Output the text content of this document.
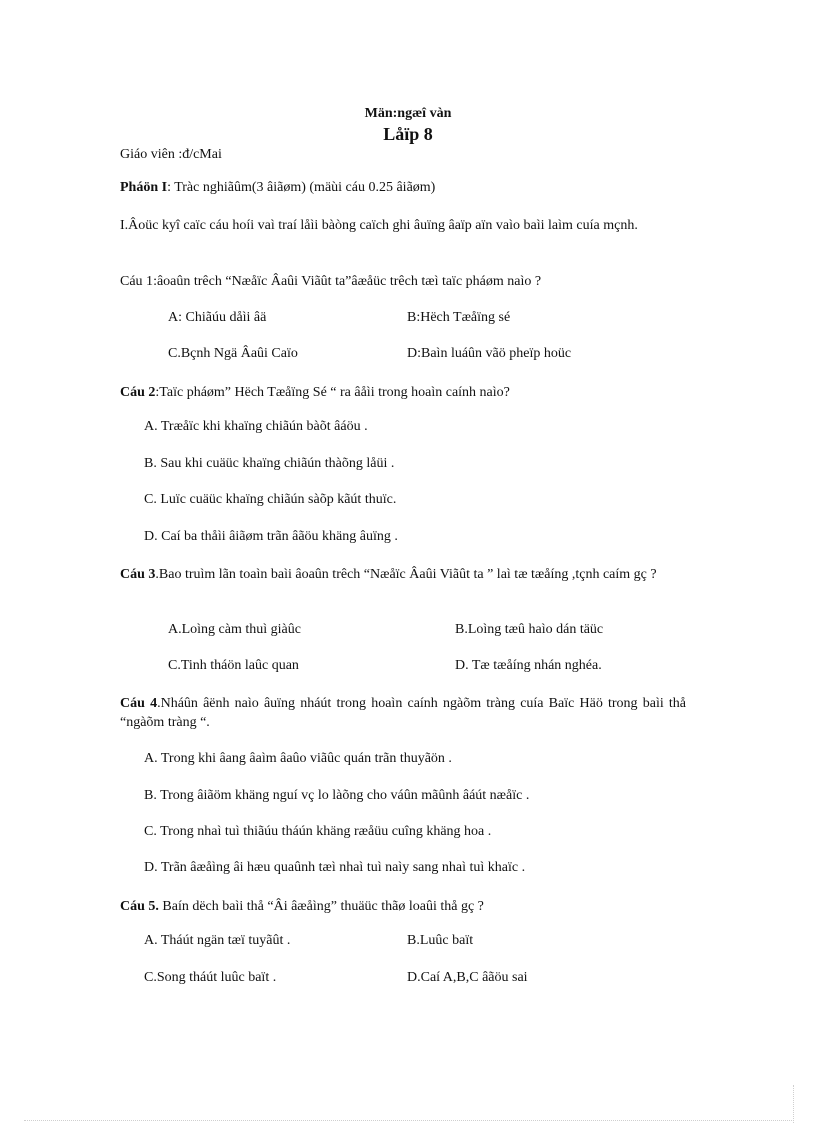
Män:ngæî vàn
Låïp 8
Giáo viên :đ/cMai
Pháön I: Tràc nghiãûm(3 âiãøm) (mäùi cáu 0.25 âiãøm)
I.Âoüc kyî caïc cáu hoíi vaì traí låìi bàòng caïch ghi âuïng âaïp aïn vaìo baìi laìm cuía mçnh.
Cáu 1:âoaûn trêch “Næåïc Âaûi Viãût ta”âæåüc trêch tæì taïc pháøm naìo ?
A: Chiãúu dåìi âä	B:Hëch Tæåïng sé
C.Bçnh Ngä Âaûi Caïo	D:Baìn luáûn vãö pheïp hoüc
Cáu 2:Taïc pháøm” Hëch Tæåïng Sé “ ra âåìi trong hoaìn caính naìo?
A. Træåïc khi khaïng chiãún bàõt âáöu .
B. Sau khi cuäüc khaïng chiãún thàõng låüi .
C. Luïc cuäüc khaïng chiãún sàõp kãút thuïc.
D. Caí ba thåìi âiãøm trãn âãöu khäng âuïng .
Cáu 3.Bao truìm lãn toaìn baìi âoaûn trêch “Næåïc Âaûi Viãût ta ” laì tæ tæåíng ,tçnh caím gç ?
A.Loìng càm thuì giàûc	B.Loìng tæû haìo dán täüc
C.Tinh tháön laûc quan	D. Tæ tæåíng nhán nghéa.
Cáu 4.Nháûn âënh naìo âuïng nháút trong hoaìn caính ngàõm tràng cuía Baïc Häö trong baìi thå “ngàõm tràng “.
A. Trong khi âang âaìm âaûo viãûc quán trãn thuyãön .
B. Trong âiãöm khäng nguí vç lo làõng cho váûn mãûnh âáút næåïc .
C. Trong nhaì tuì thiãúu tháún khäng ræåüu cuîng khäng hoa .
D. Trãn âæåìng âi hæu quaûnh tæì nhaì tuì naìy sang nhaì tuì khaïc .
Cáu 5. Baín dëch baìi thå “Âi âæåìng” thuäüc thãø loaûi thå gç ?
A. Tháút ngän tæï tuyãût .	B.Luûc baït
C.Song tháút luûc baït .	D.Caí A,B,C âãöu sai
